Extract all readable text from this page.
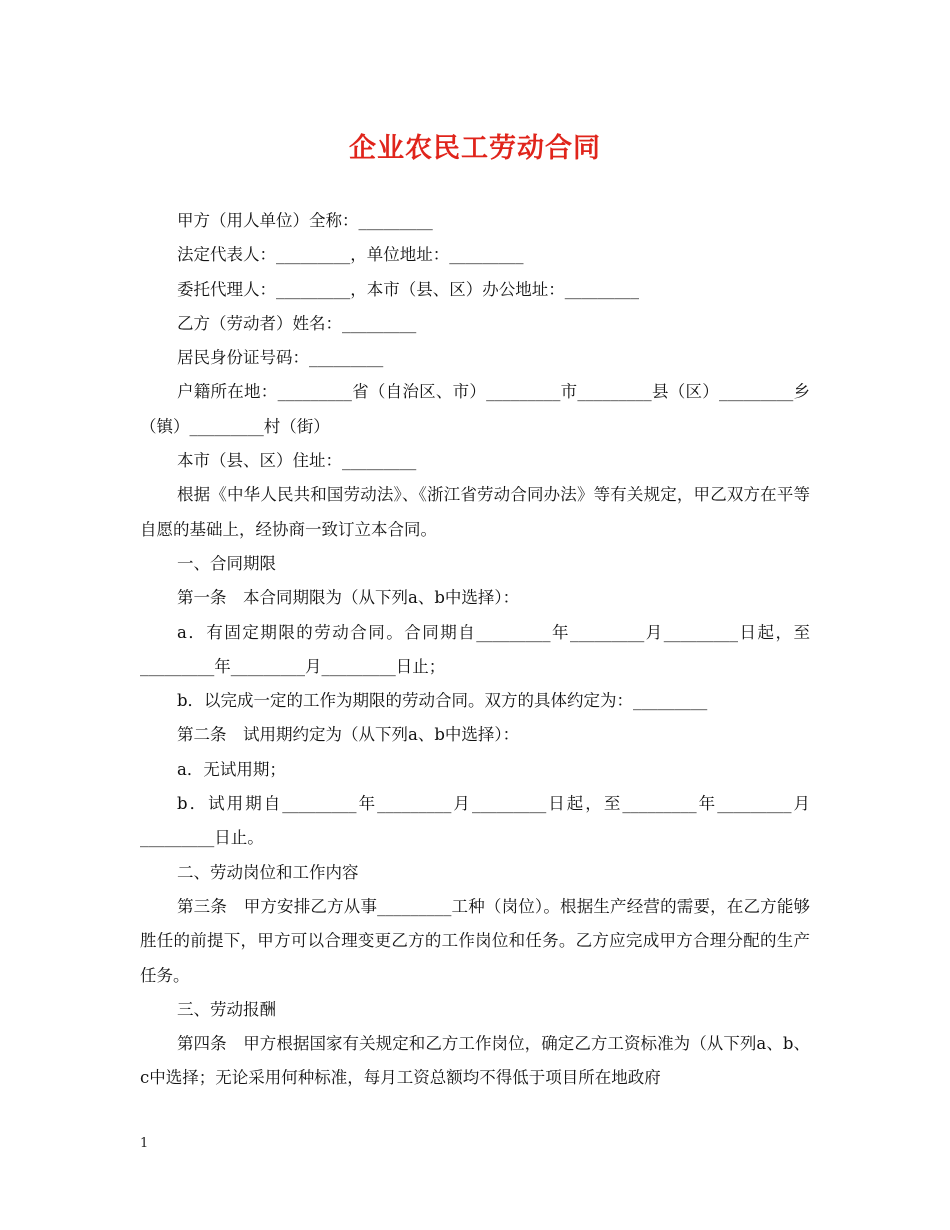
企业农民工劳动合同

甲方（用人单位）全称：_________

法定代表人：_________，单位地址：_________

委托代理人：_________，本市（县、区）办公地址：_________

乙方（劳动者）姓名：_________

居民身份证号码：_________

户籍所在地：_________省（自治区、市）_________市_________县（区）_________乡（镇）_________村（街）

本市（县、区）住址：_________

根据《中华人民共和国劳动法》、《浙江省劳动合同办法》等有关规定，甲乙双方在平等自愿的基础上，经协商一致订立本合同。

一、合同期限

第一条　本合同期限为（从下列a、b中选择）：

a．有固定期限的劳动合同。合同期自_________年_________月_________日起，至_________年_________月_________日止；

b．以完成一定的工作为期限的劳动合同。双方的具体约定为：_________

第二条　试用期约定为（从下列a、b中选择）：

a．无试用期；

b．试用期自_________年_________月_________日起，至_________年_________月_________日止。

二、劳动岗位和工作内容

第三条　甲方安排乙方从事_________工种（岗位）。根据生产经营的需要，在乙方能够胜任的前提下，甲方可以合理变更乙方的工作岗位和任务。乙方应完成甲方合理分配的生产任务。

三、劳动报酬

第四条　甲方根据国家有关规定和乙方工作岗位，确定乙方工资标准为（从下列a、b、c中选择；无论采用何种标准，每月工资总额均不得低于项目所在地政府

1
